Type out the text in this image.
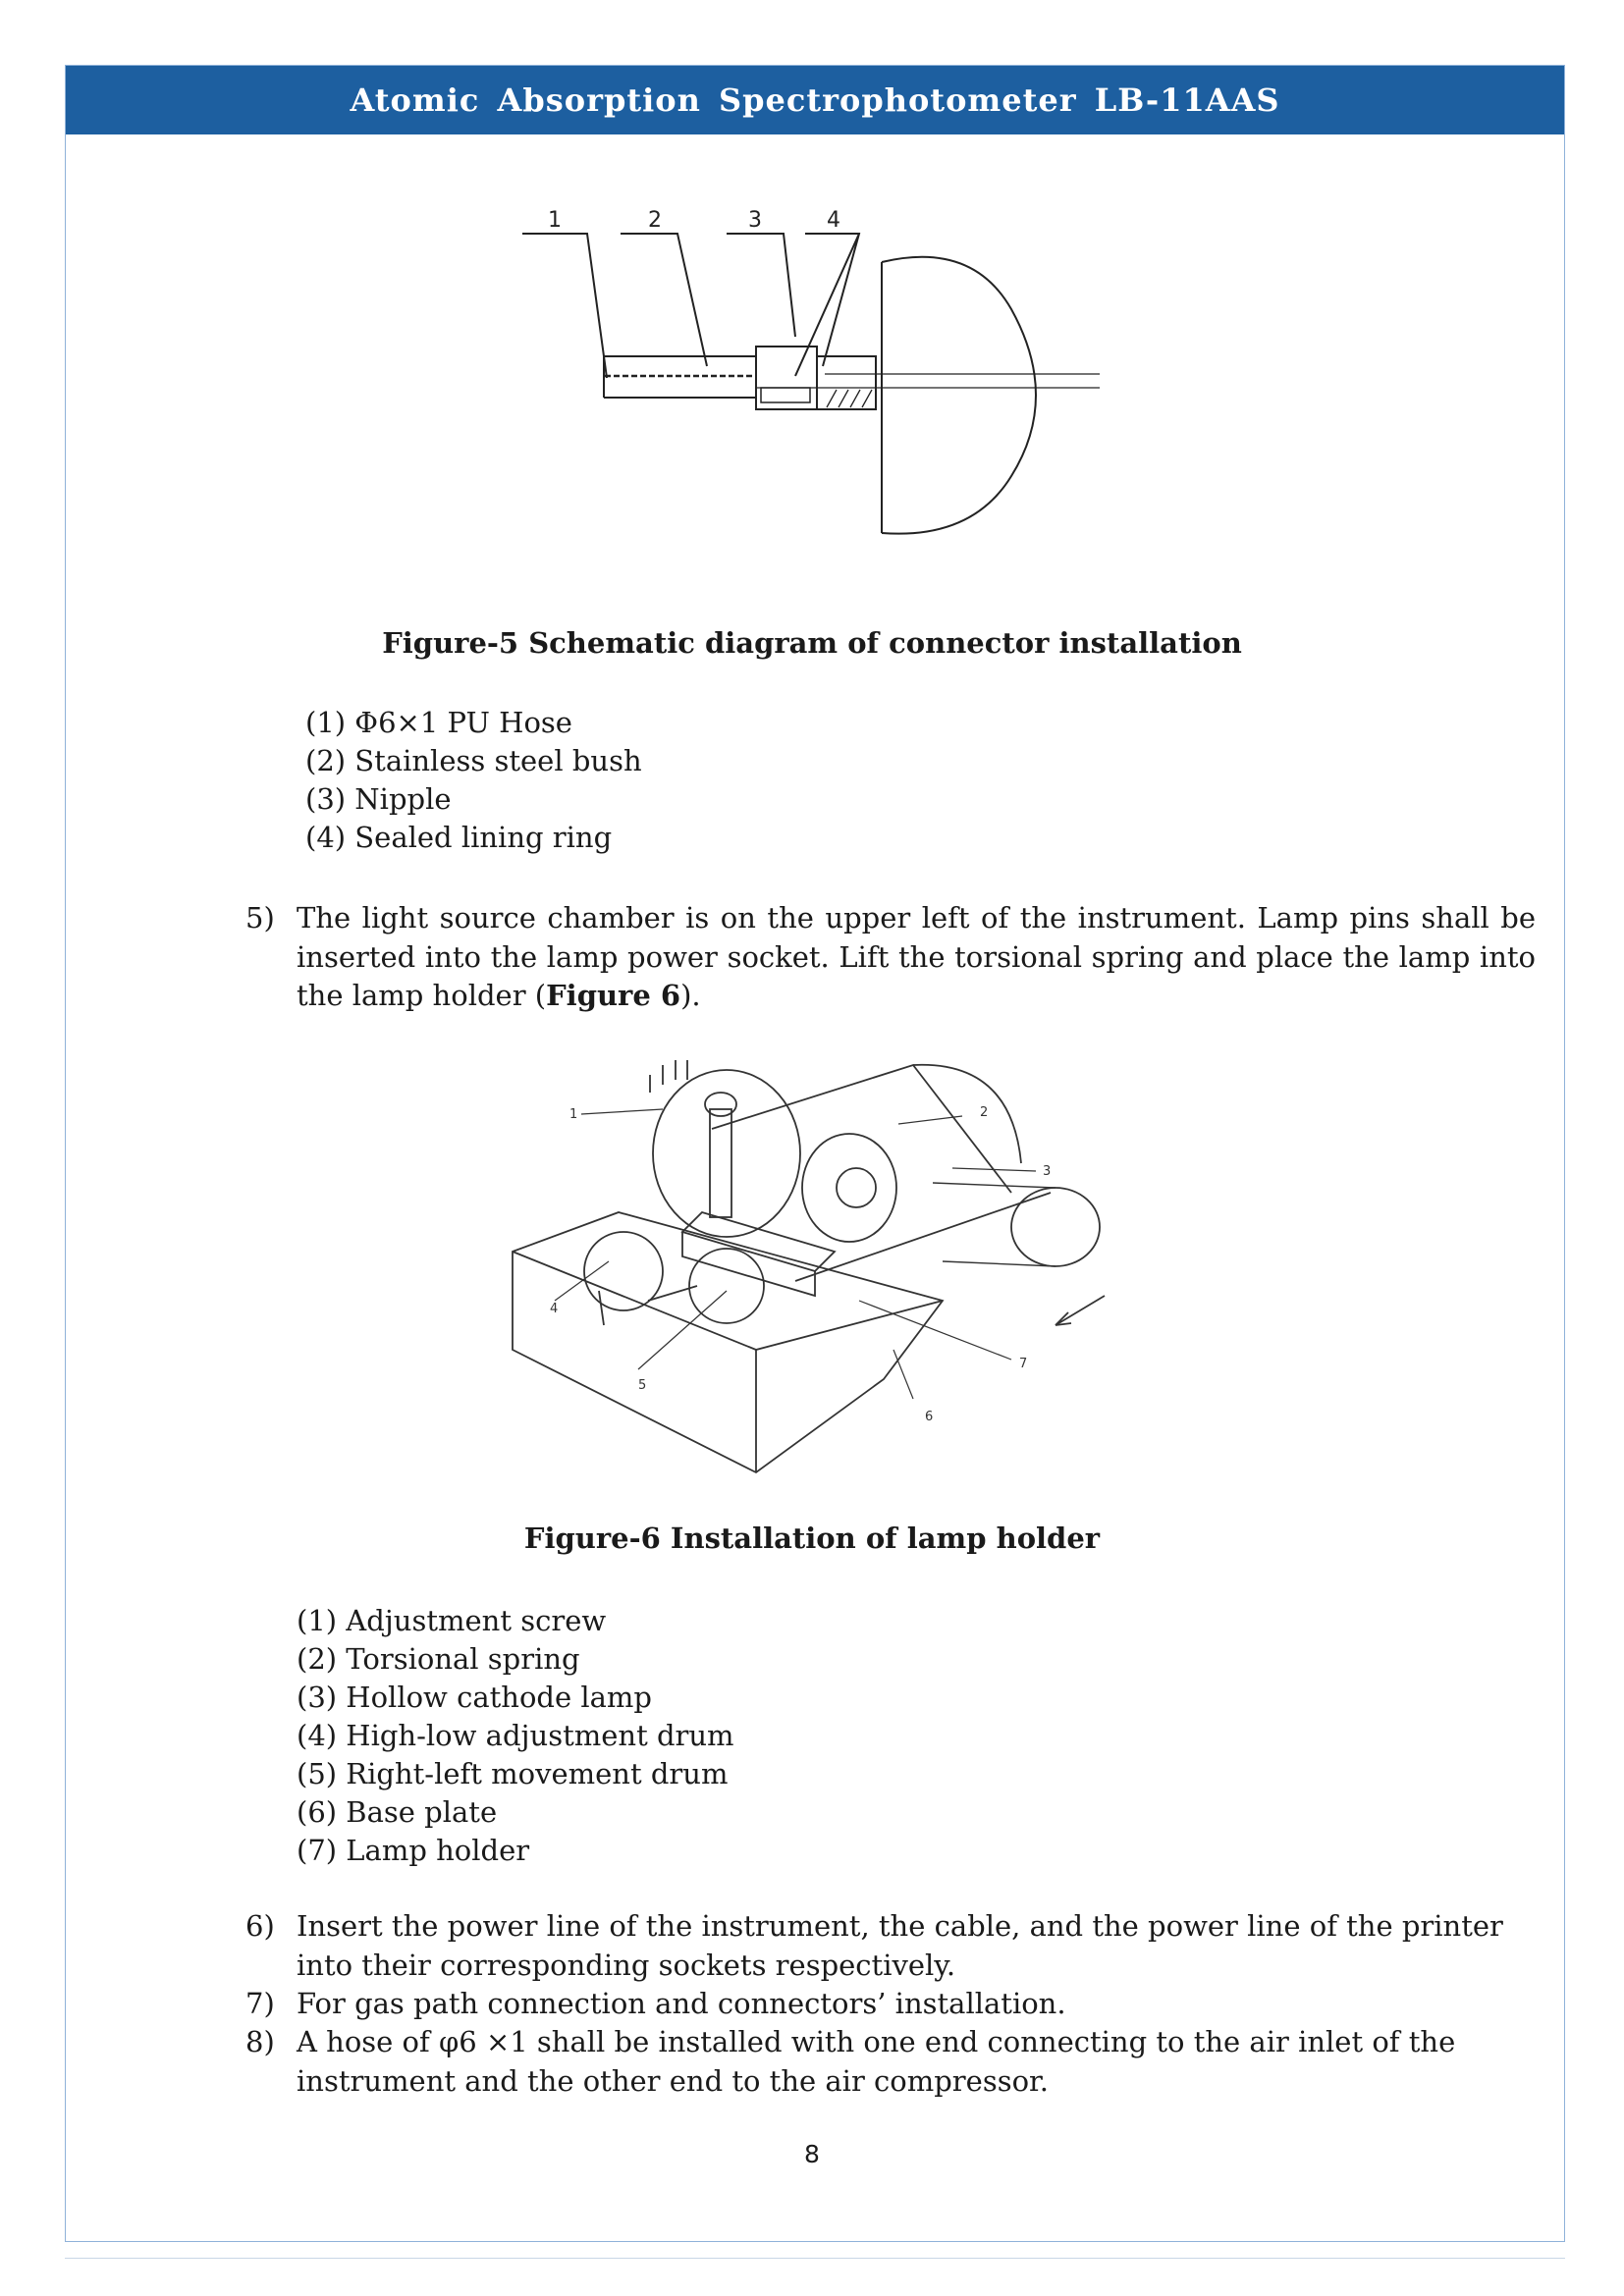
Atomic Absorption Spectrophotometer LB-11AAS
1	2	3	4
Figure-5 Schematic diagram of connector installation
(1) Φ6×1 PU Hose
(2) Stainless steel bush
(3) Nipple
(4) Sealed lining ring
5) The light source chamber is on the upper left of the instrument. Lamp pins shall be inserted into the lamp power socket. Lift the torsional spring and place the lamp into the lamp holder (Figure 6).
1	2
3
4
5
6
7
Figure-6 Installation of lamp holder
(1) Adjustment screw
(2) Torsional spring
(3) Hollow cathode lamp
(4) High-low adjustment drum
(5) Right-left movement drum
(6) Base plate
(7) Lamp holder
6) Insert the power line of the instrument, the cable, and the power line of the printer into their corresponding sockets respectively.
7) For gas path connection and connectors’ installation.
8) A hose of φ6 ×1 shall be installed with one end connecting to the air inlet of the instrument and the other end to the air compressor.
8
